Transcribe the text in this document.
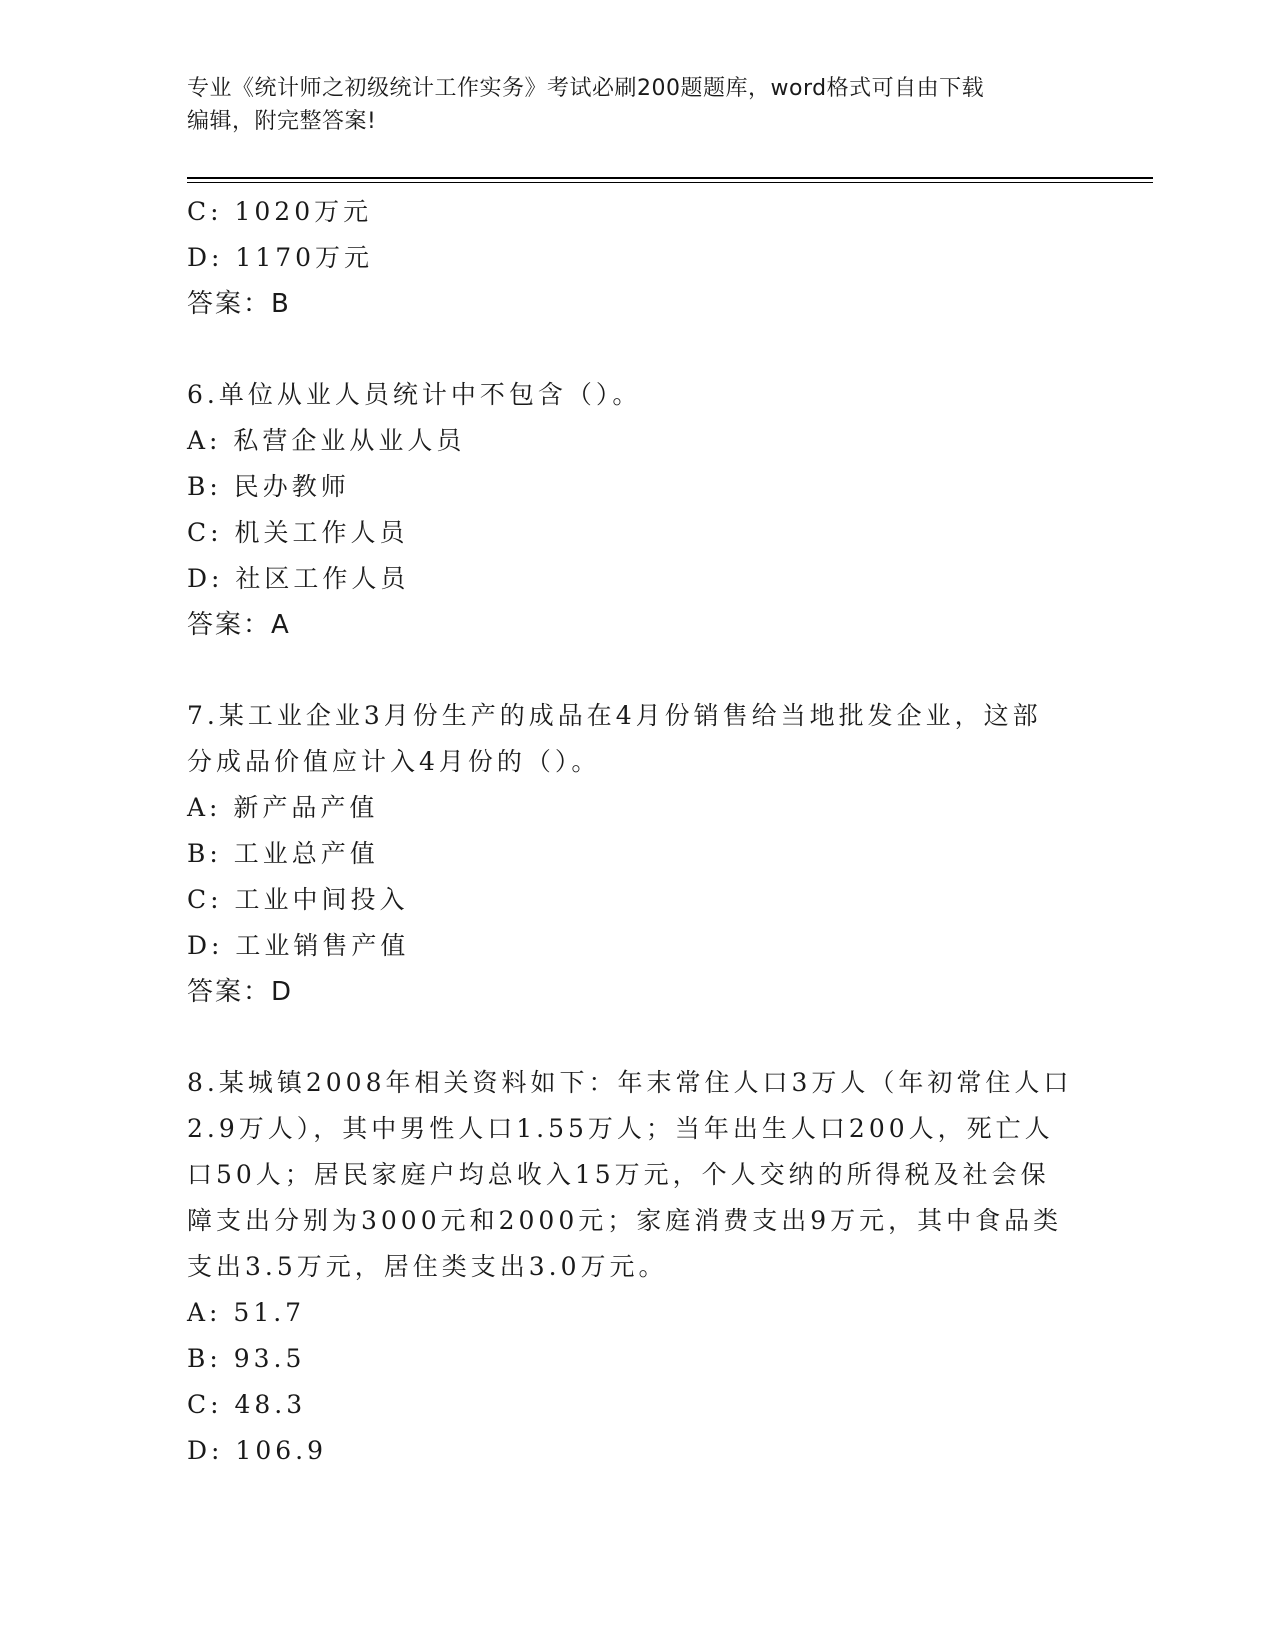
专业《统计师之初级统计工作实务》考试必刷200题题库，word格式可自由下载
编辑，附完整答案!
C: 1020万元
D: 1170万元
答案：B
6.单位从业人员统计中不包含（）。
A: 私营企业从业人员
B: 民办教师
C: 机关工作人员
D: 社区工作人员
答案：A
7.某工业企业3月份生产的成品在4月份销售给当地批发企业，这部
分成品价值应计入4月份的（）。
A: 新产品产值
B: 工业总产值
C: 工业中间投入
D: 工业销售产值
答案：D
8.某城镇2008年相关资料如下：年末常住人口3万人（年初常住人口
2.9万人），其中男性人口1.55万人；当年出生人口200人，死亡人
口50人；居民家庭户均总收入15万元，个人交纳的所得税及社会保
障支出分别为3000元和2000元；家庭消费支出9万元，其中食品类
支出3.5万元，居住类支出3.0万元。
A: 51.7
B: 93.5
C: 48.3
D: 106.9
